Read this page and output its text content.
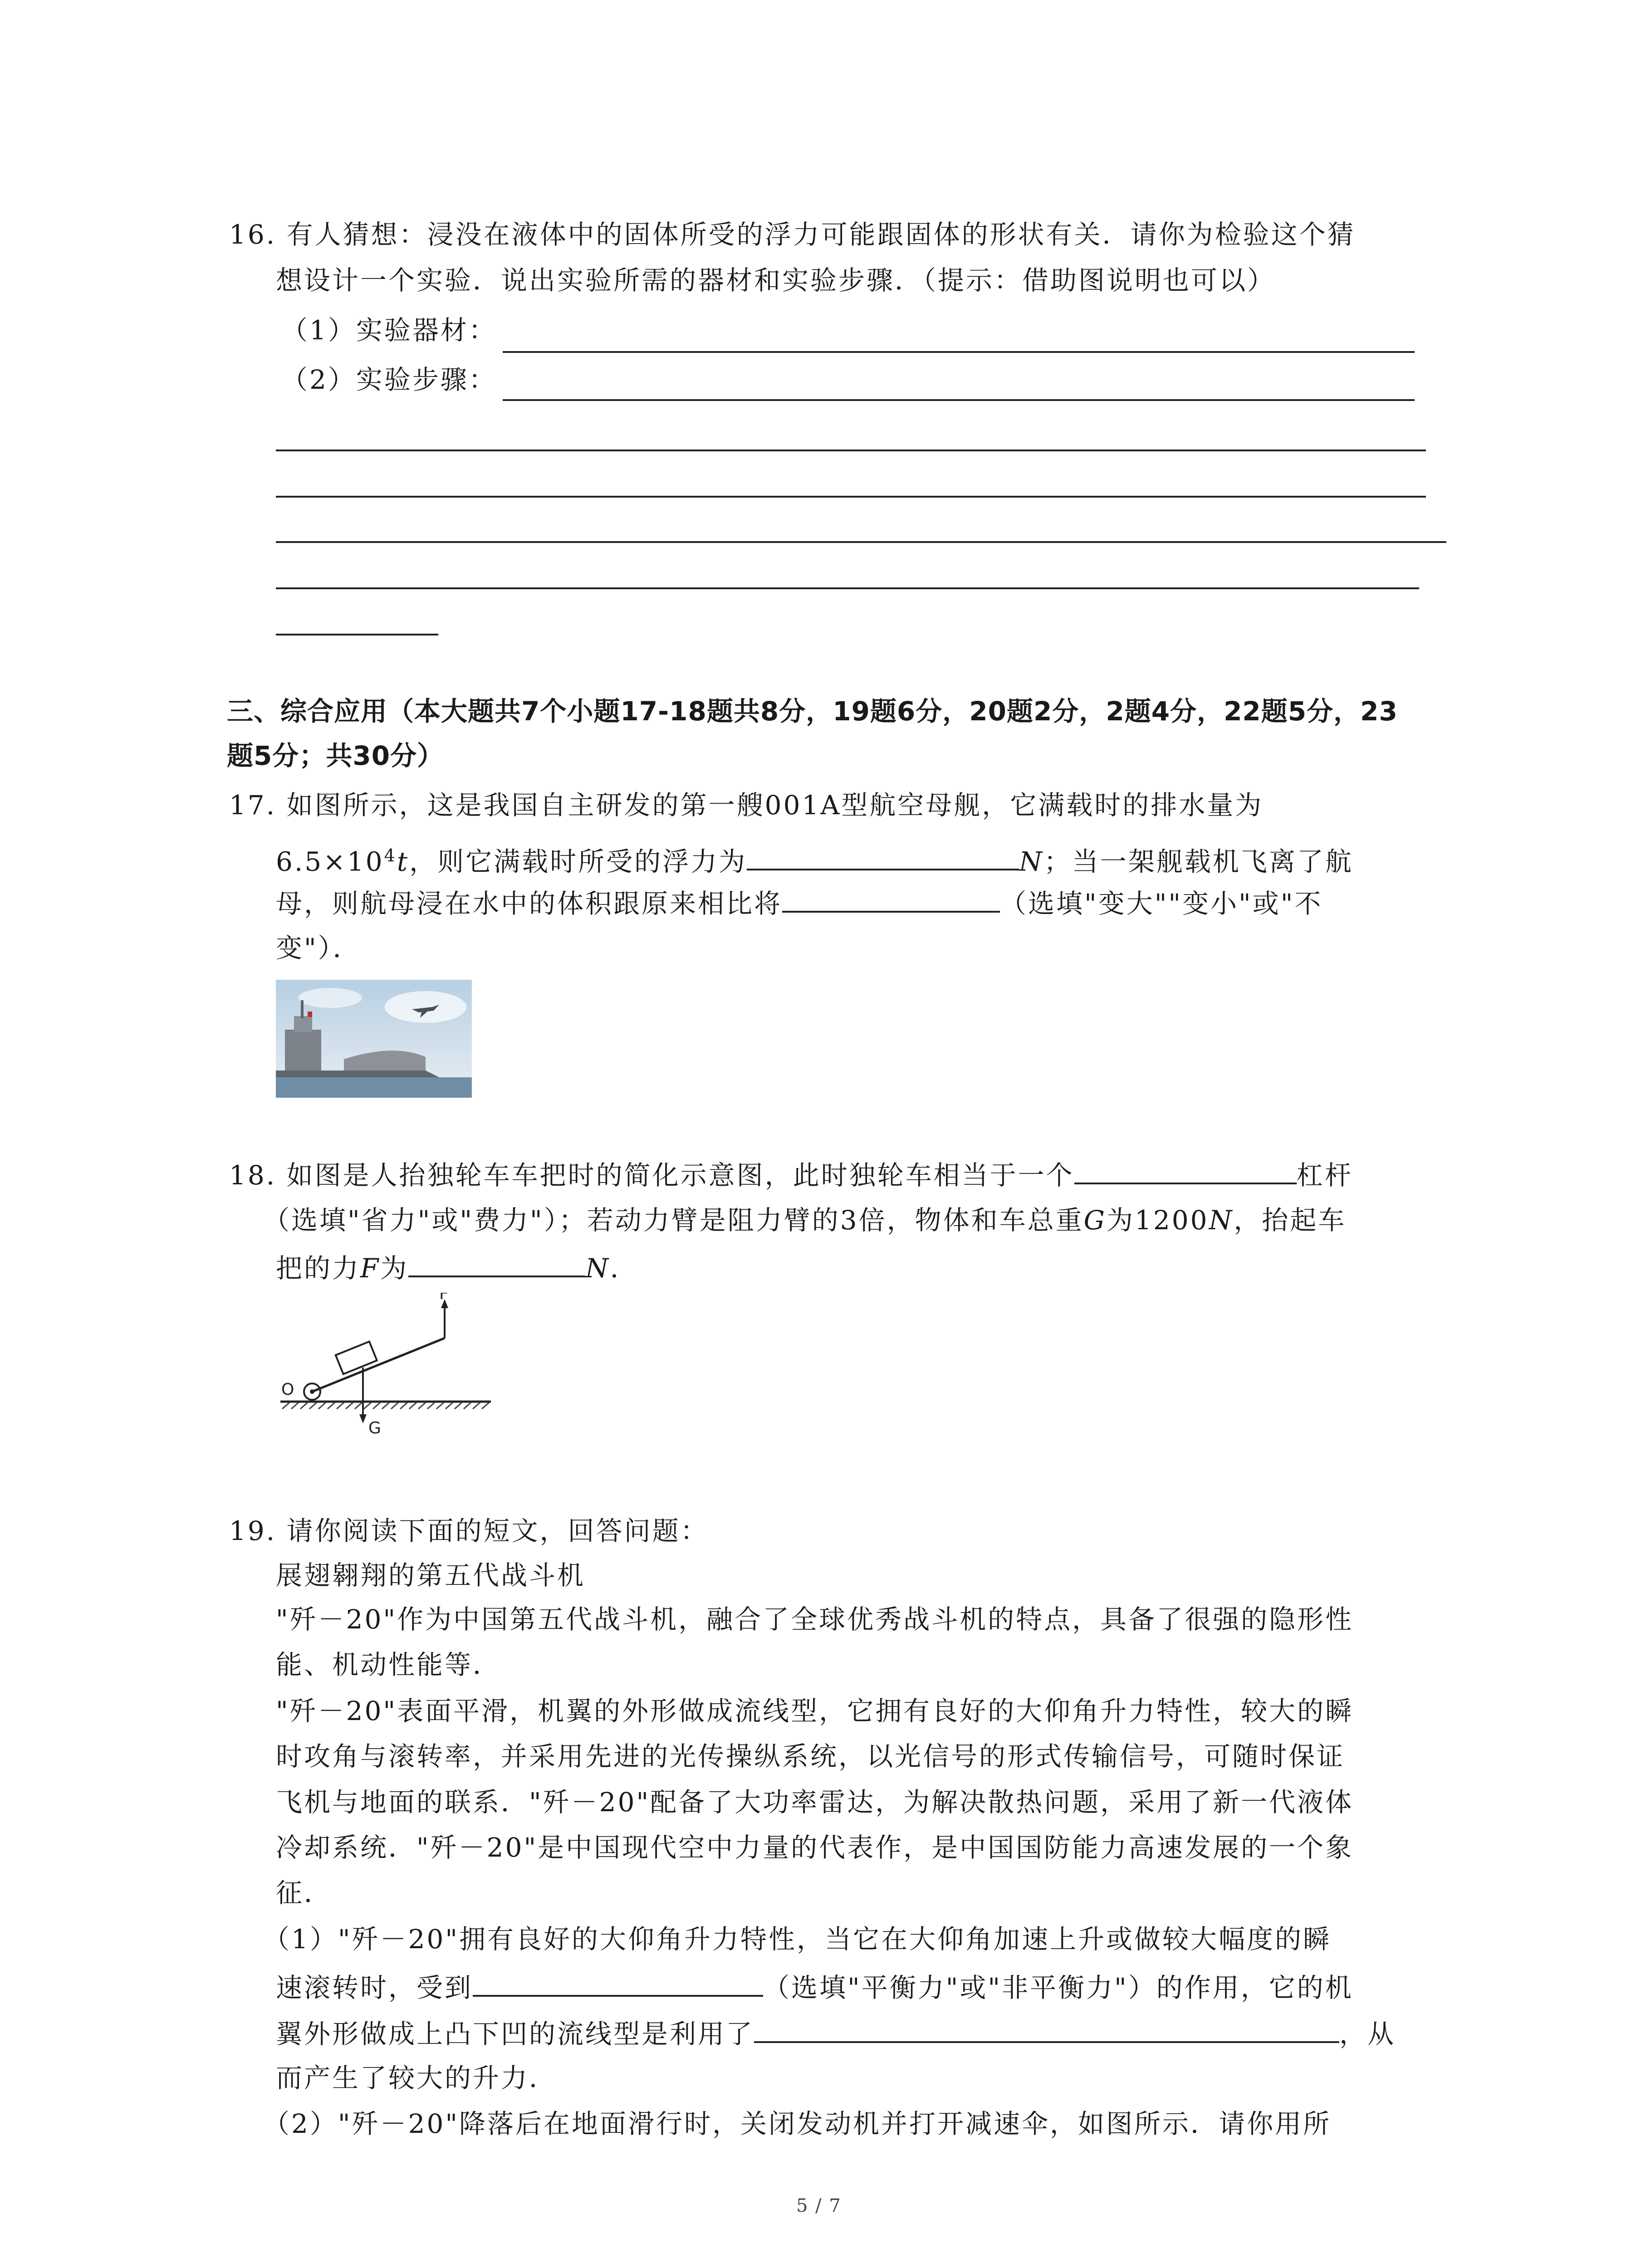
16. 有人猜想：浸没在液体中的固体所受的浮力可能跟固体的形状有关．请你为检验这个猜
想设计一个实验．说出实验所需的器材和实验步骤．（提示：借助图说明也可以）
（1）实验器材：
（2）实验步骤：
三、综合应用（本大题共7个小题17-18题共8分，19题6分，20题2分，2题4分，22题5分，23
题5分；共30分）
17. 如图所示，这是我国自主研发的第一艘001A型航空母舰，它满载时的排水量为
$6.5\times 10^4t$，则它满载时所受的浮力为	N；当一架舰载机飞离了航
母，则航母浸在水中的体积跟原来相比将	（选填"变大""变小"或"不
变"）．
18. 如图是人抬独轮车车把时的简化示意图，此时独轮车相当于一个	杠杆
（选填"省力"或"费力"）；若动力臂是阻力臂的3倍，物体和车总重G为1200N，抬起车
把的力F为	N．
F
O
G
19. 请你阅读下面的短文，回答问题：
展翅翱翔的第五代战斗机
"歼－20"作为中国第五代战斗机，融合了全球优秀战斗机的特点，具备了很强的隐形性
能、机动性能等．
"歼－20"表面平滑，机翼的外形做成流线型，它拥有良好的大仰角升力特性，较大的瞬
时攻角与滚转率，并采用先进的光传操纵系统，以光信号的形式传输信号，可随时保证
飞机与地面的联系．"歼－20"配备了大功率雷达，为解决散热问题，采用了新一代液体
冷却系统．"歼－20"是中国现代空中力量的代表作，是中国国防能力高速发展的一个象
征．
（1）"歼－20"拥有良好的大仰角升力特性，当它在大仰角加速上升或做较大幅度的瞬
速滚转时，受到	（选填"平衡力"或"非平衡力"）的作用，它的机
翼外形做成上凸下凹的流线型是利用了	，从
而产生了较大的升力．
（2）"歼－20"降落后在地面滑行时，关闭发动机并打开减速伞，如图所示．请你用所
5 / 7
